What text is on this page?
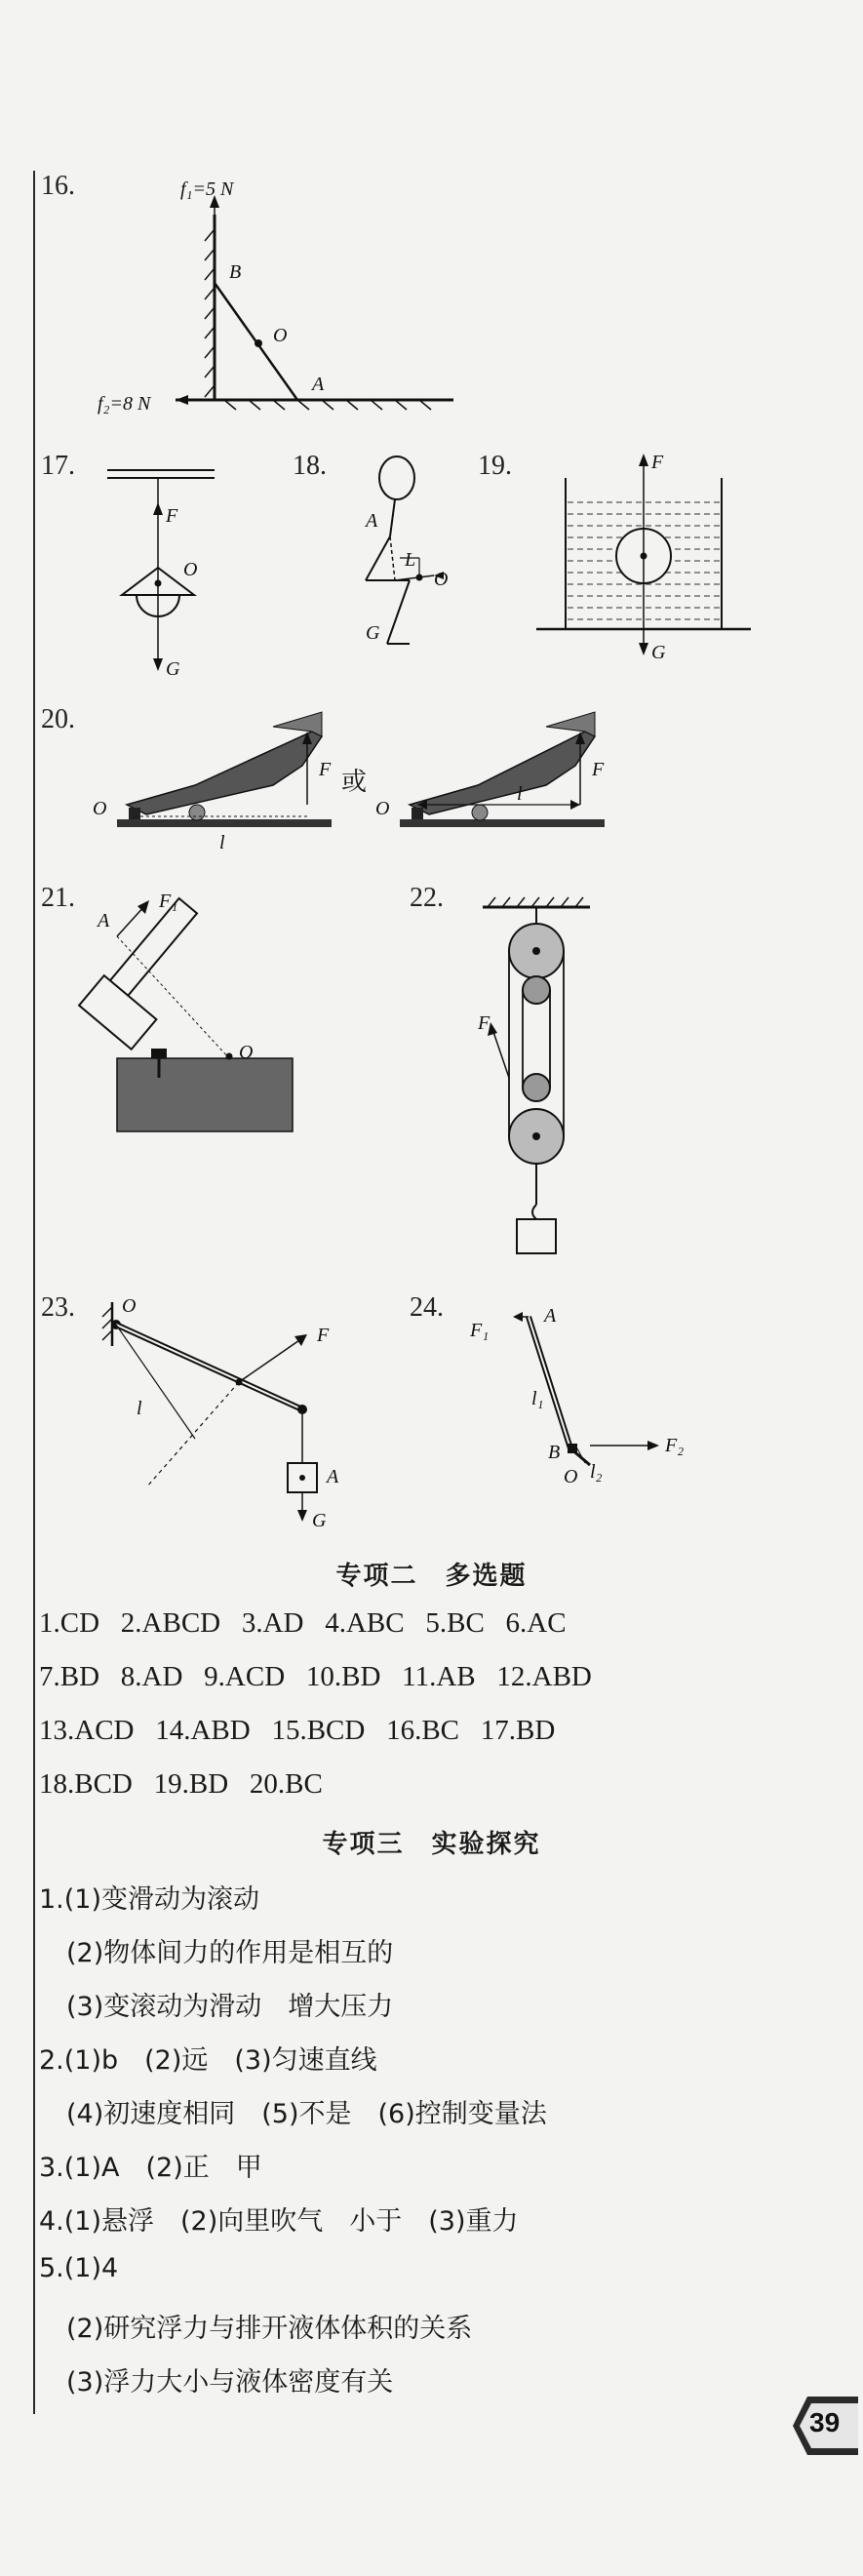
16.	f₁=5 N
f₂=8 N
B
O
A
17.
F
O
G
18.
A
L
O
G
19.	F
G
20.
O
F
l
或
O
F
l
21.
A
F₁
O
22.
F
23. O
F
l
A
G
24.
F₁
A
l₁
B
O l₂
F₂
专项二　多选题
1.CD   2.ABCD   3.AD   4.ABC   5.BC   6.AC
7.BD   8.AD   9.ACD   10.BD   11.AB   12.ABD
13.ACD   14.ABD   15.BCD   16.BC   17.BD
18.BCD   19.BD   20.BC
专项三　实验探究
1.(1)变滑动为滚动
(2)物体间力的作用是相互的
(3)变滚动为滑动　增大压力
2.(1)b　(2)远　(3)匀速直线
(4)初速度相同　(5)不是　(6)控制变量法
3.(1)A　(2)正　甲
4.(1)悬浮　(2)向里吹气　小于　(3)重力
5.(1)4
(2)研究浮力与排开液体体积的关系
(3)浮力大小与液体密度有关
39
